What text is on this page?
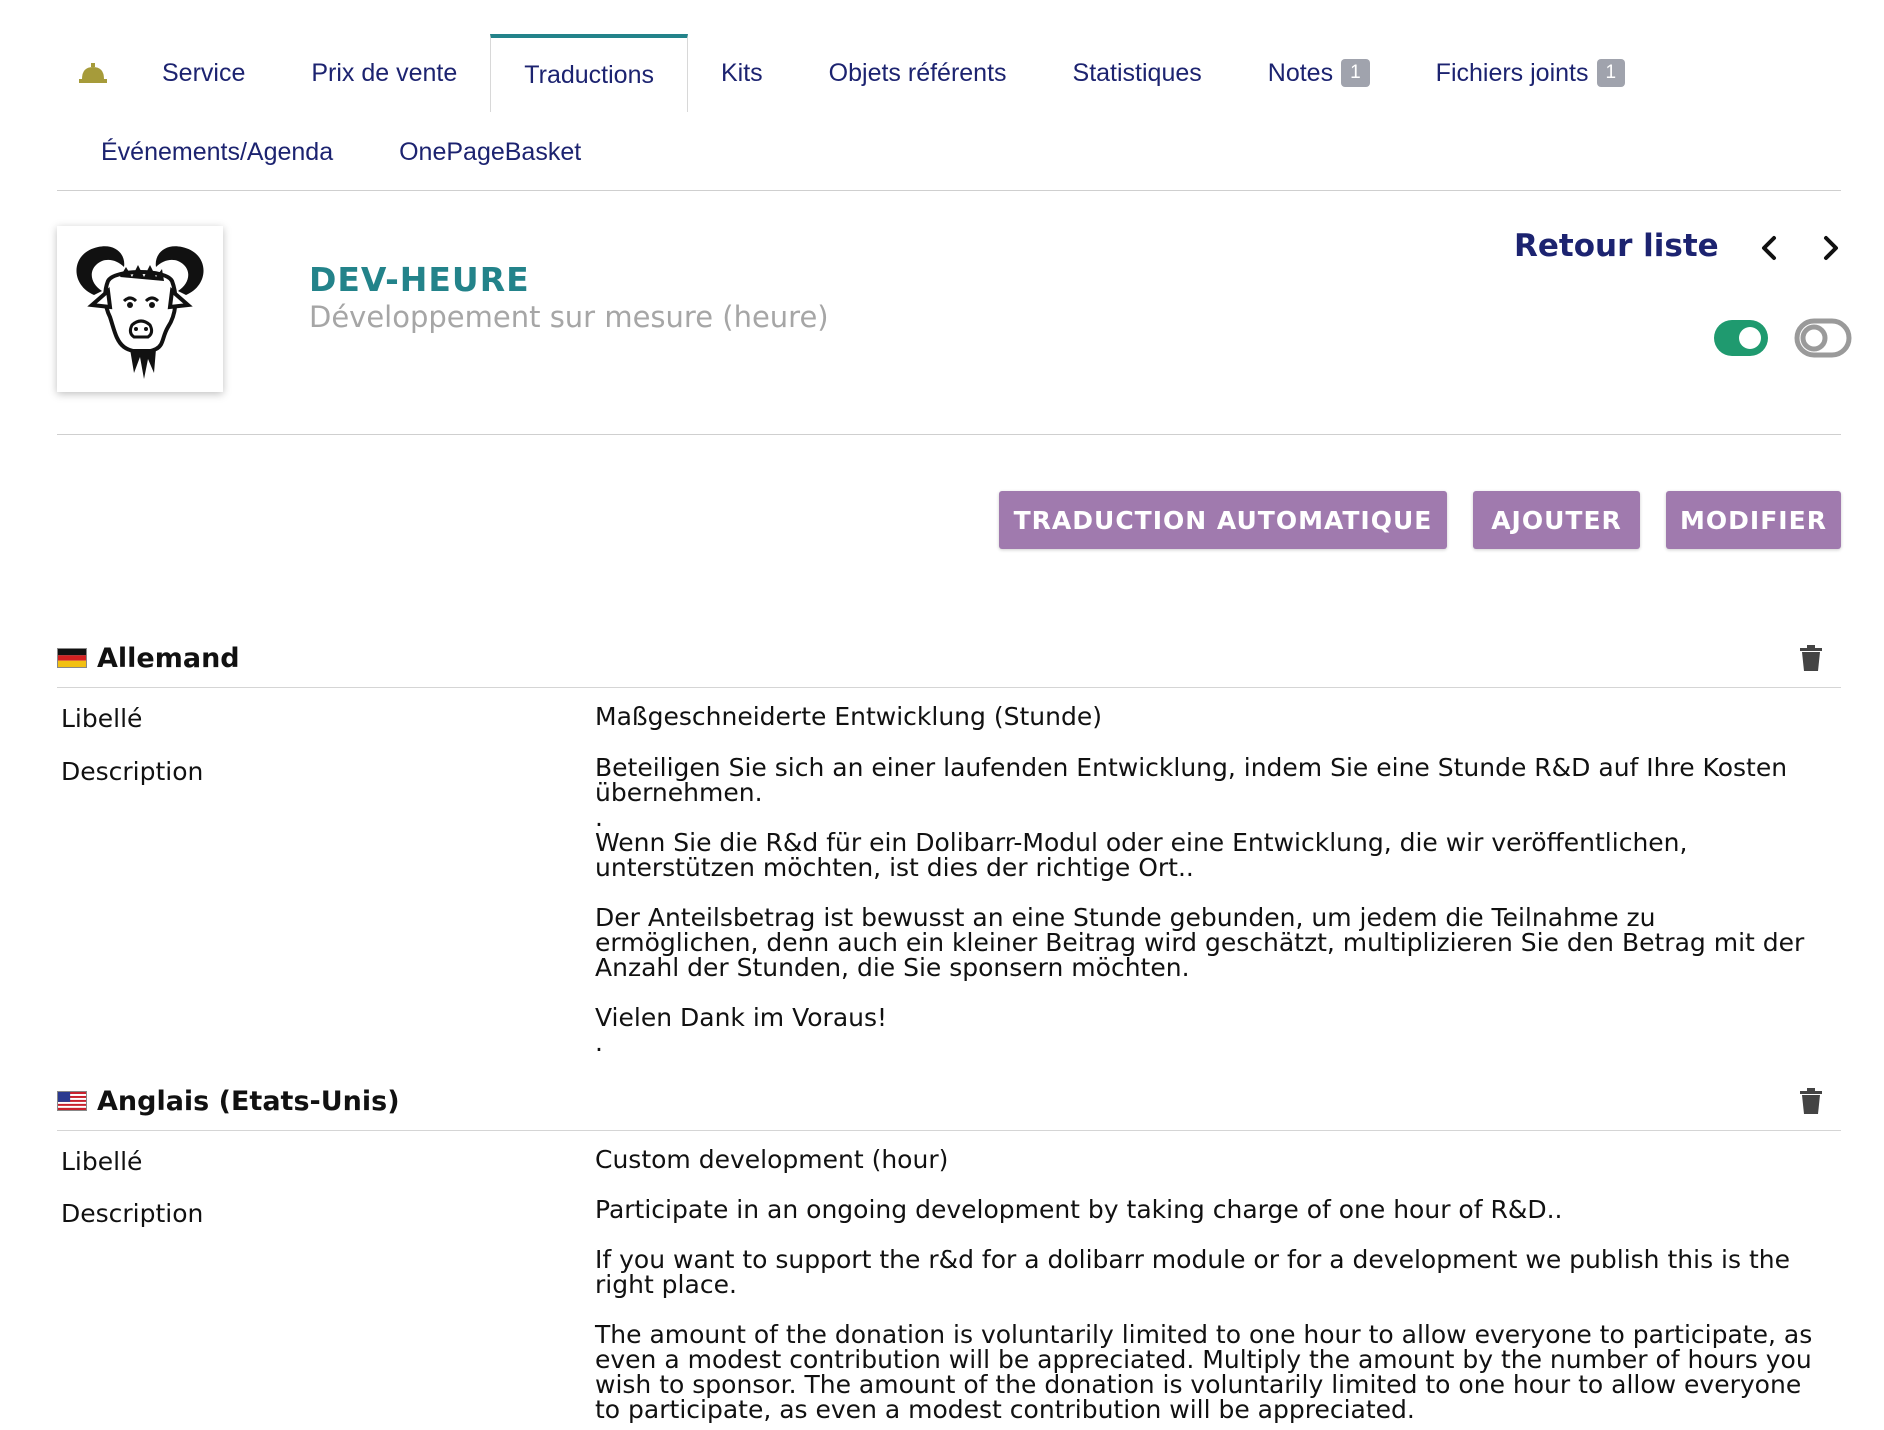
Service	Prix de vente	Traductions	Kits	Objets référents	Statistiques	Notes 1	Fichiers joints 1
Événements/Agenda	OnePageBasket
DEV-HEURE
Développement sur mesure (heure)
Retour liste
TRADUCTION AUTOMATIQUE	AJOUTER	MODIFIER
Allemand
Libellé	Maßgeschneiderte Entwicklung (Stunde)
Description	Beteiligen Sie sich an einer laufenden Entwicklung, indem Sie eine Stunde R&D auf Ihre Kosten

übernehmen.

.

Wenn Sie die R&d für ein Dolibarr-Modul oder eine Entwicklung, die wir veröffentlichen,

unterstützen möchten, ist dies der richtige Ort..

Der Anteilsbetrag ist bewusst an eine Stunde gebunden, um jedem die Teilnahme zu

ermöglichen, denn auch ein kleiner Beitrag wird geschätzt, multiplizieren Sie den Betrag mit der

Anzahl der Stunden, die Sie sponsern möchten.

Vielen Dank im Voraus!

.

Anglais (Etats-Unis)
Libellé	Custom development (hour)
Description	Participate in an ongoing development by taking charge of one hour of R&D..

If you want to support the r&d for a dolibarr module or for a development we publish this is the

right place.

The amount of the donation is voluntarily limited to one hour to allow everyone to participate, as

even a modest contribution will be appreciated. Multiply the amount by the number of hours you

wish to sponsor. The amount of the donation is voluntarily limited to one hour to allow everyone

to participate, as even a modest contribution will be appreciated.
